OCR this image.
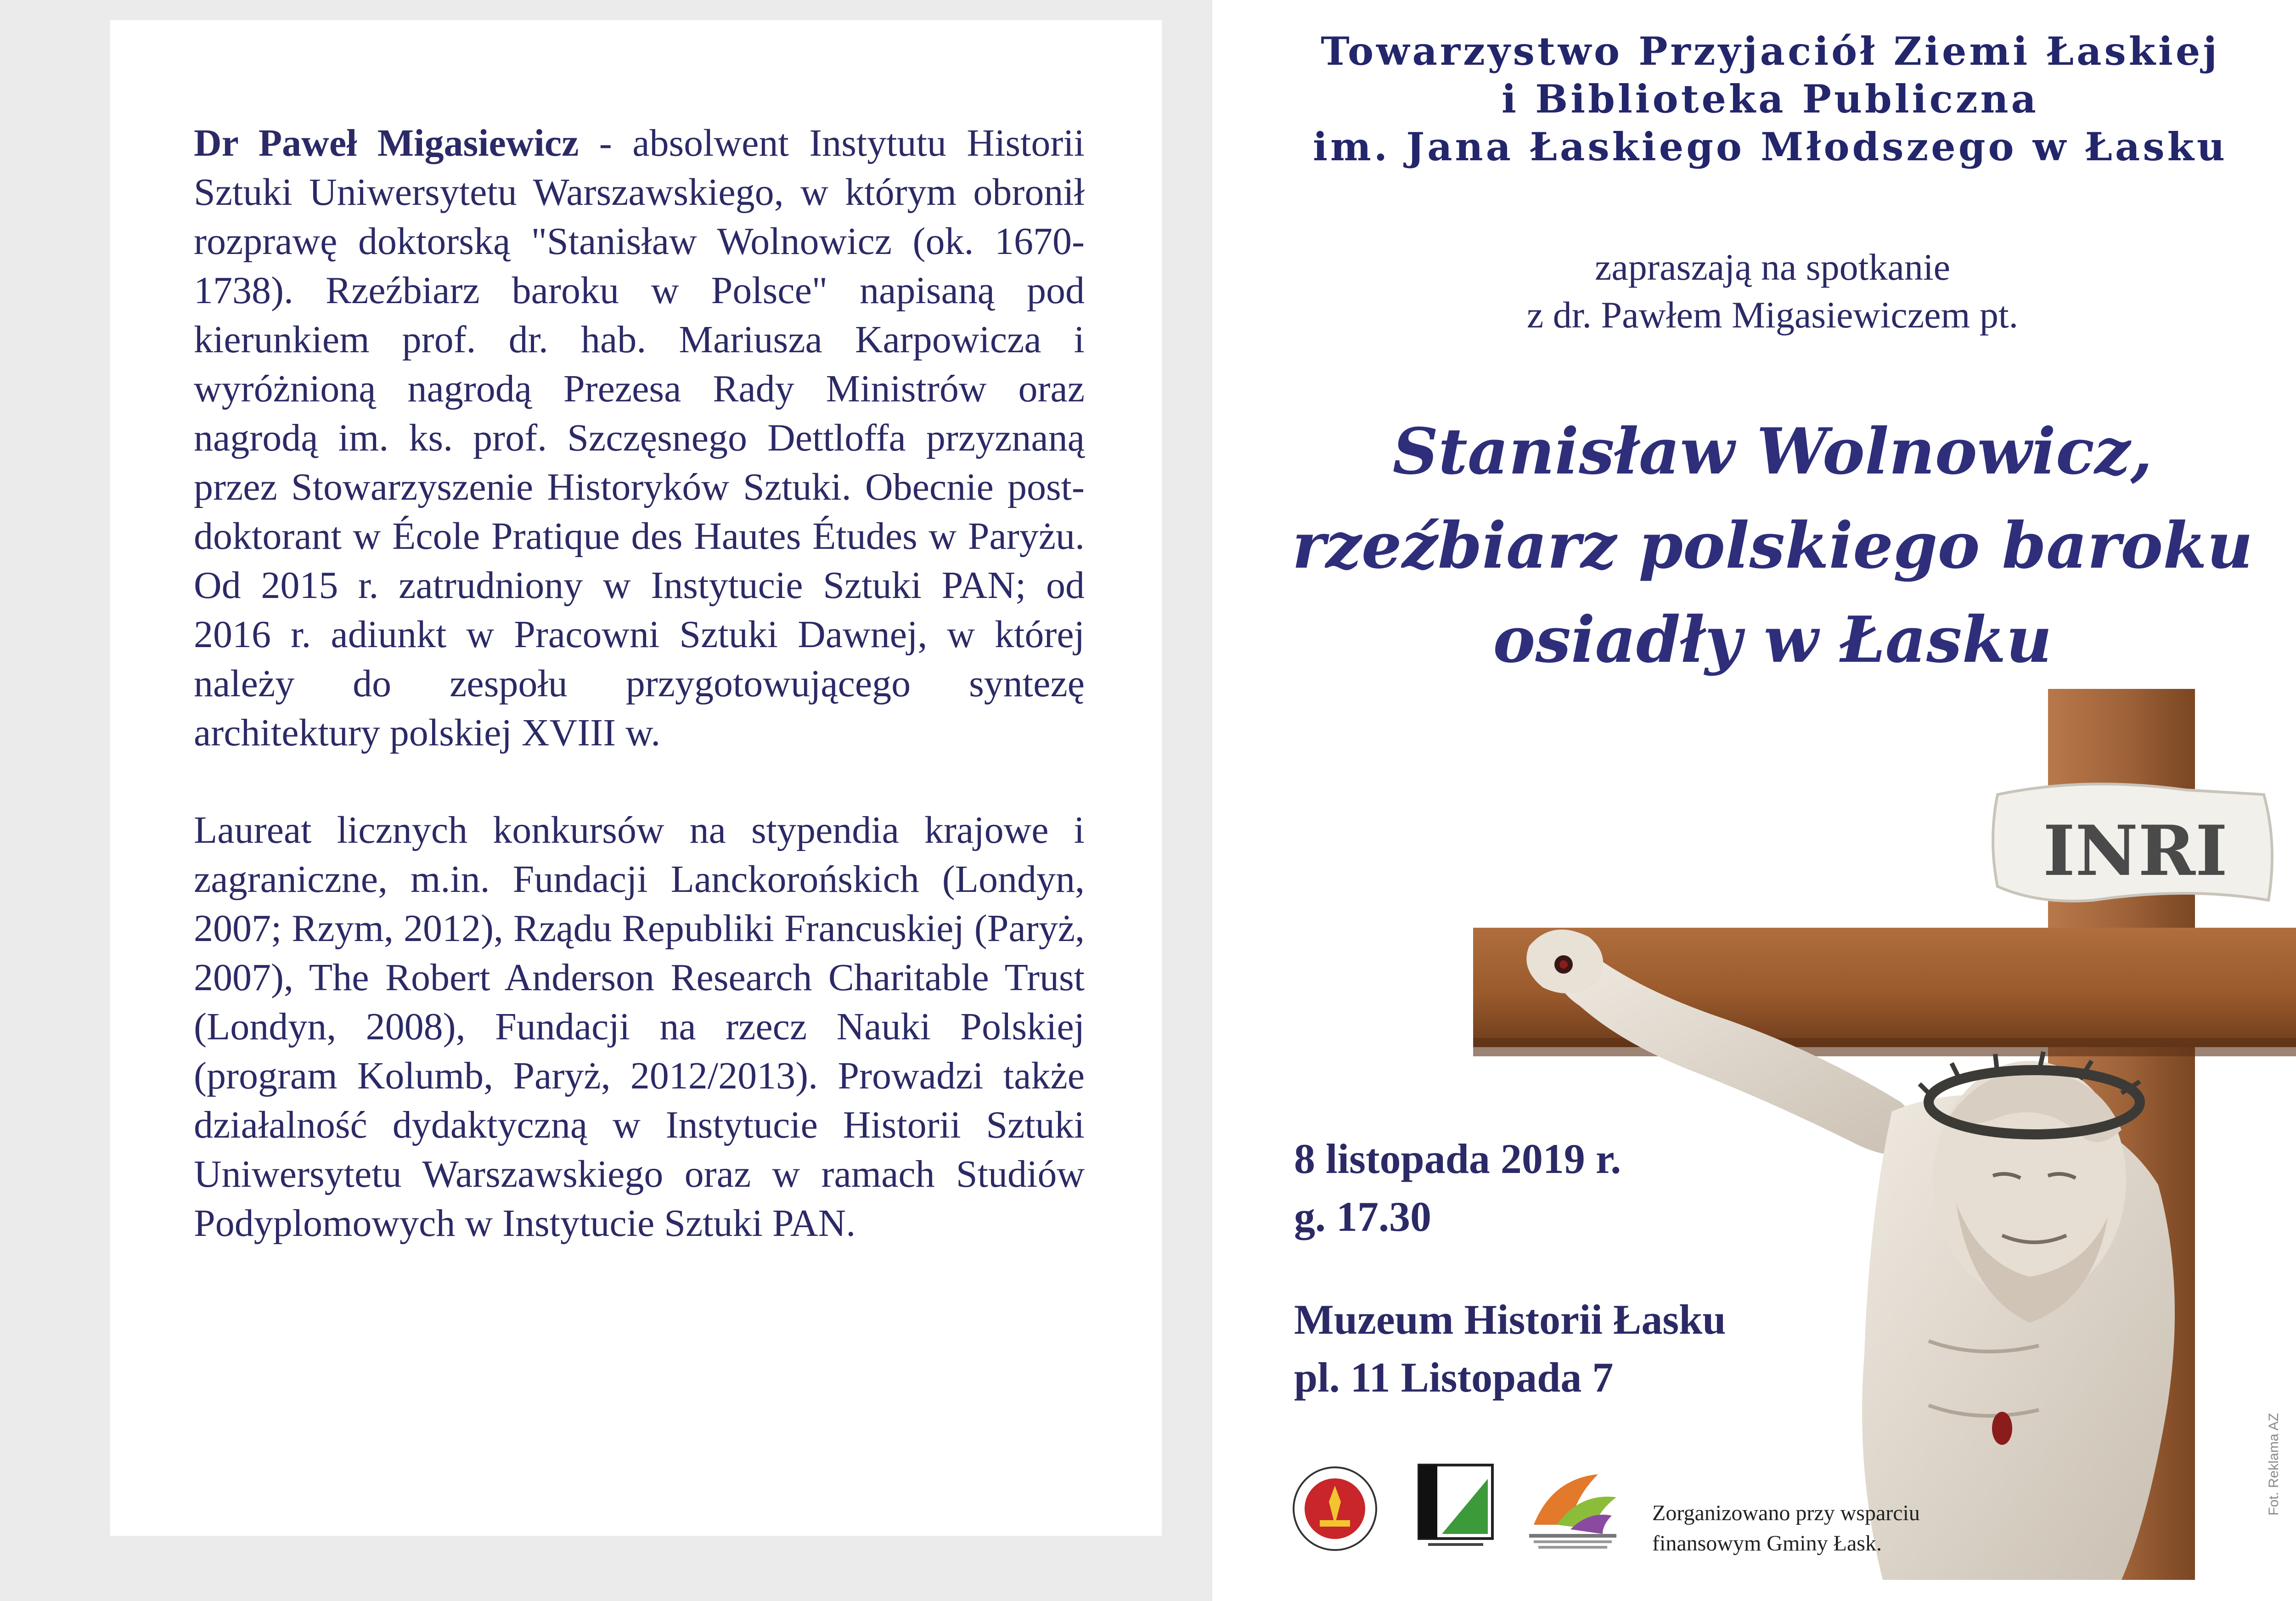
Dr Paweł Migasiewicz - absolwent Instytutu Historii Sztuki Uniwersytetu Warszawskiego, w którym obronił rozprawę doktorską "Stanisław Wolnowicz (ok. 1670-1738). Rzeźbiarz baroku w Polsce" napisaną pod kierunkiem prof. dr. hab. Mariusza Karpowicza i wyróżnioną nagrodą Prezesa Rady Ministrów oraz nagrodą im. ks. prof. Szczęsnego Dettloffa przyznaną przez Stowarzyszenie Historyków Sztuki. Obecnie post-doktorant w École Pratique des Hautes Études w Paryżu. Od 2015 r. zatrudniony w Instytucie Sztuki PAN; od 2016 r. adiunkt w Pracowni Sztuki Dawnej, w której należy do zespołu przygotowującego syntezę architektury polskiej XVIII w.

Laureat licznych konkursów na stypendia krajowe i zagraniczne, m.in. Fundacji Lanckorońskich (Londyn, 2007; Rzym, 2012), Rządu Republiki Francuskiej (Paryż, 2007), The Robert Anderson Research Charitable Trust (Londyn, 2008), Fundacji na rzecz Nauki Polskiej (program Kolumb, Paryż, 2012/2013). Prowadzi także działalność dydaktyczną w Instytucie Historii Sztuki Uniwersytetu Warszawskiego oraz w ramach Studiów Podyplomowych w Instytucie Sztuki PAN.

Towarzystwo Przyjaciół Ziemi Łaskiej
i Biblioteka Publiczna
im. Jana Łaskiego Młodszego w Łasku
zapraszają na spotkanie
z dr. Pawłem Migasiewiczem pt.
Stanisław Wolnowicz,
rzeźbiarz polskiego baroku
osiadły w Łasku
INRI
8 listopada 2019 r.
g. 17.30
Muzeum Historii Łasku
pl. 11 Listopada 7
Zorganizowano przy wsparciu
finansowym Gminy Łask.
Fot. Reklama AZ
